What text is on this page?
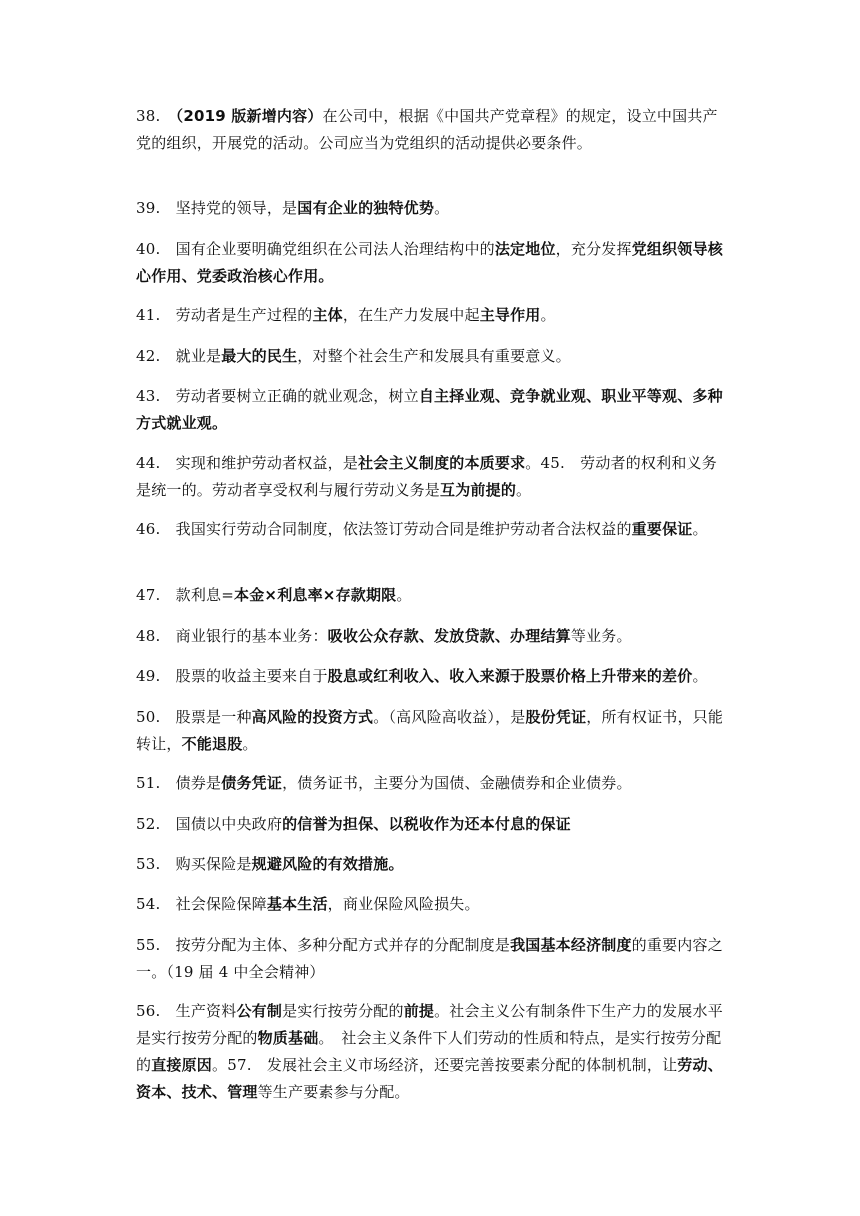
38.　（2019 版新增内容）在公司中，根据《中国共产党章程》的规定，设立中国共产党的组织，开展党的活动。公司应当为党组织的活动提供必要条件。

39.　坚持党的领导，是国有企业的独特优势。

40.　国有企业要明确党组织在公司法人治理结构中的法定地位，充分发挥党组织领导核心作用、党委政治核心作用。

41.　劳动者是生产过程的主体，在生产力发展中起主导作用。

42.　就业是最大的民生，对整个社会生产和发展具有重要意义。

43.　劳动者要树立正确的就业观念，树立自主择业观、竞争就业观、职业平等观、多种方式就业观。

44.　实现和维护劳动者权益，是社会主义制度的本质要求。45.　劳动者的权利和义务是统一的。劳动者享受权利与履行劳动义务是互为前提的。

46.　我国实行劳动合同制度，依法签订劳动合同是维护劳动者合法权益的重要保证。

47.　款利息=本金×利息率×存款期限。

48.　商业银行的基本业务：吸收公众存款、发放贷款、办理结算等业务。

49.　股票的收益主要来自于股息或红利收入、收入来源于股票价格上升带来的差价。

50.　股票是一种高风险的投资方式。（高风险高收益），是股份凭证，所有权证书，只能转让，不能退股。

51.　债券是债务凭证，债务证书，主要分为国债、金融债券和企业债券。

52.　国债以中央政府的信誉为担保、以税收作为还本付息的保证

53.　购买保险是规避风险的有效措施。

54.　社会保险保障基本生活，商业保险风险损失。

55.　按劳分配为主体、多种分配方式并存的分配制度是我国基本经济制度的重要内容之一。（19 届 4 中全会精神）

56.　生产资料公有制是实行按劳分配的前提。社会主义公有制条件下生产力的发展水平是实行按劳分配的物质基础。　社会主义条件下人们劳动的性质和特点，是实行按劳分配的直接原因。57.　发展社会主义市场经济，还要完善按要素分配的体制机制，让劳动、资本、技术、管理等生产要素参与分配。
